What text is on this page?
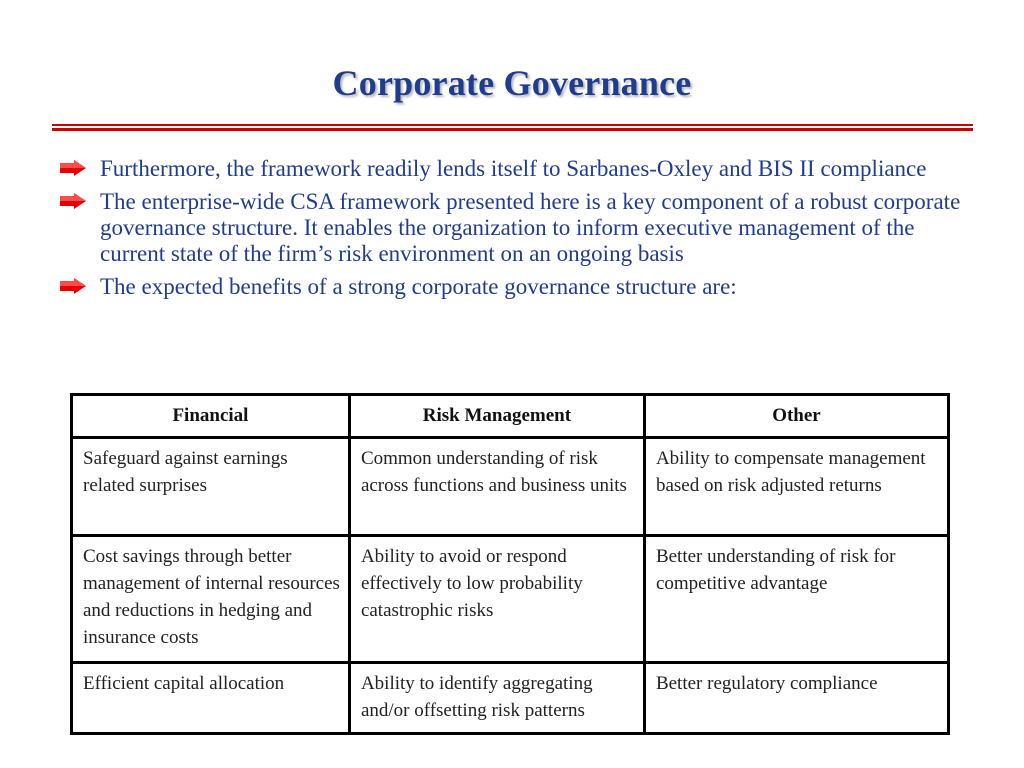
Corporate Governance
Furthermore, the framework readily lends itself to Sarbanes-Oxley and BIS II compliance
The enterprise-wide CSA framework presented here is a key component of a robust corporate governance structure. It enables the organization to inform executive management of the current state of the firm’s risk environment on an ongoing basis
The expected benefits of a strong corporate governance structure are:
Financial	Risk Management	Other
Safeguard against earnings related surprises	Common understanding of risk across functions and business units	Ability to compensate management based on risk adjusted returns
Cost savings through better management of internal resources and reductions in hedging and insurance costs	Ability to avoid or respond effectively to low probability catastrophic risks	Better understanding of risk for competitive advantage
Efficient capital allocation	Ability to identify aggregating and/or offsetting risk patterns	Better regulatory compliance
